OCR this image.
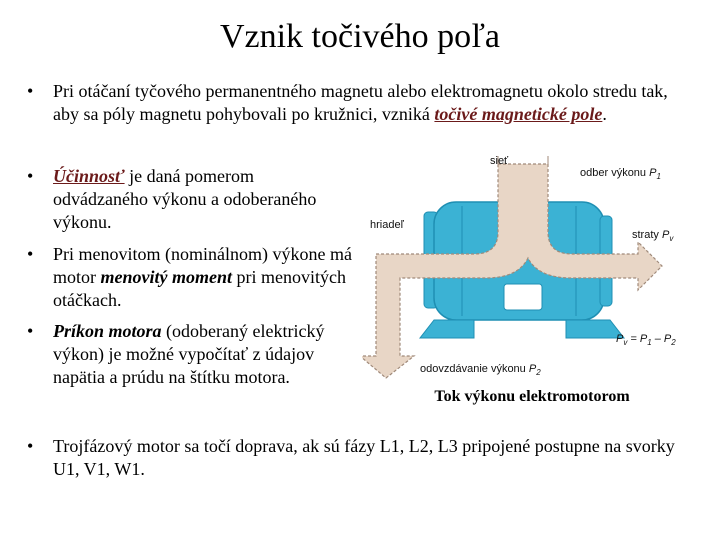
Vznik točivého poľa
• Pri otáčaní tyčového permanentného magnetu alebo elektromagnetu okolo stredu tak, aby sa póly magnetu pohybovali po kružnici, vzniká točivé magnetické pole.
• Účinnosť je daná pomerom odvádzaného výkonu a odoberaného výkonu.
• Pri menovitom (nominálnom) výkone má motor menovitý moment pri menovitých otáčkach.
• Príkon motora (odoberaný elektrický výkon) je možné vypočítať z údajov napätia a prúdu na štítku motora.
• Trojfázový motor sa točí doprava, ak sú fázy L1, L2, L3 pripojené postupne na svorky U1, V1, W1.
sieť
odber výkonu $P_1$
hriadeľ
straty $P_v$
$P_v = P_1 - P_2$
odovzdávanie výkonu $P_2$
Tok výkonu elektromotorom
